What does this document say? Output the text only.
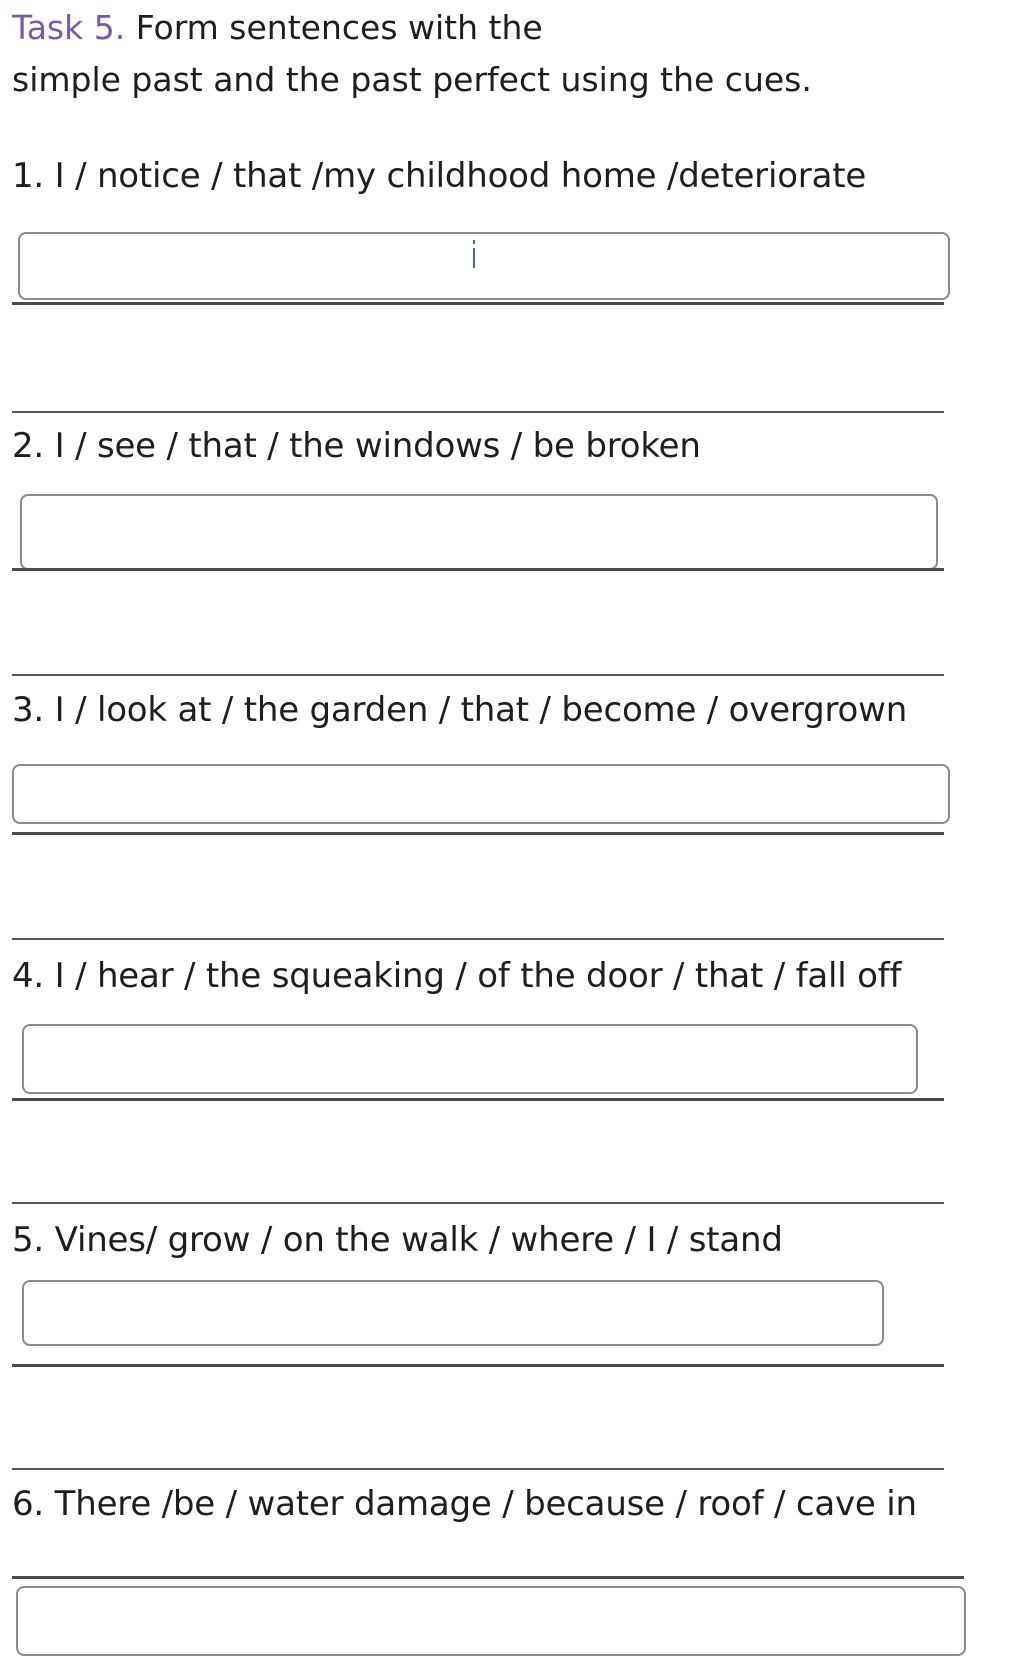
Task 5. Form sentences with the

simple past and the past perfect using the cues.

1. I / notice / that /my childhood home /deteriorate

2. I / see / that / the windows / be broken

3. I / look at / the garden / that / become / overgrown

4. I / hear / the squeaking / of the door / that / fall off

5. Vines/ grow / on the walk / where / I / stand

6. There /be / water damage / because / roof / cave in
